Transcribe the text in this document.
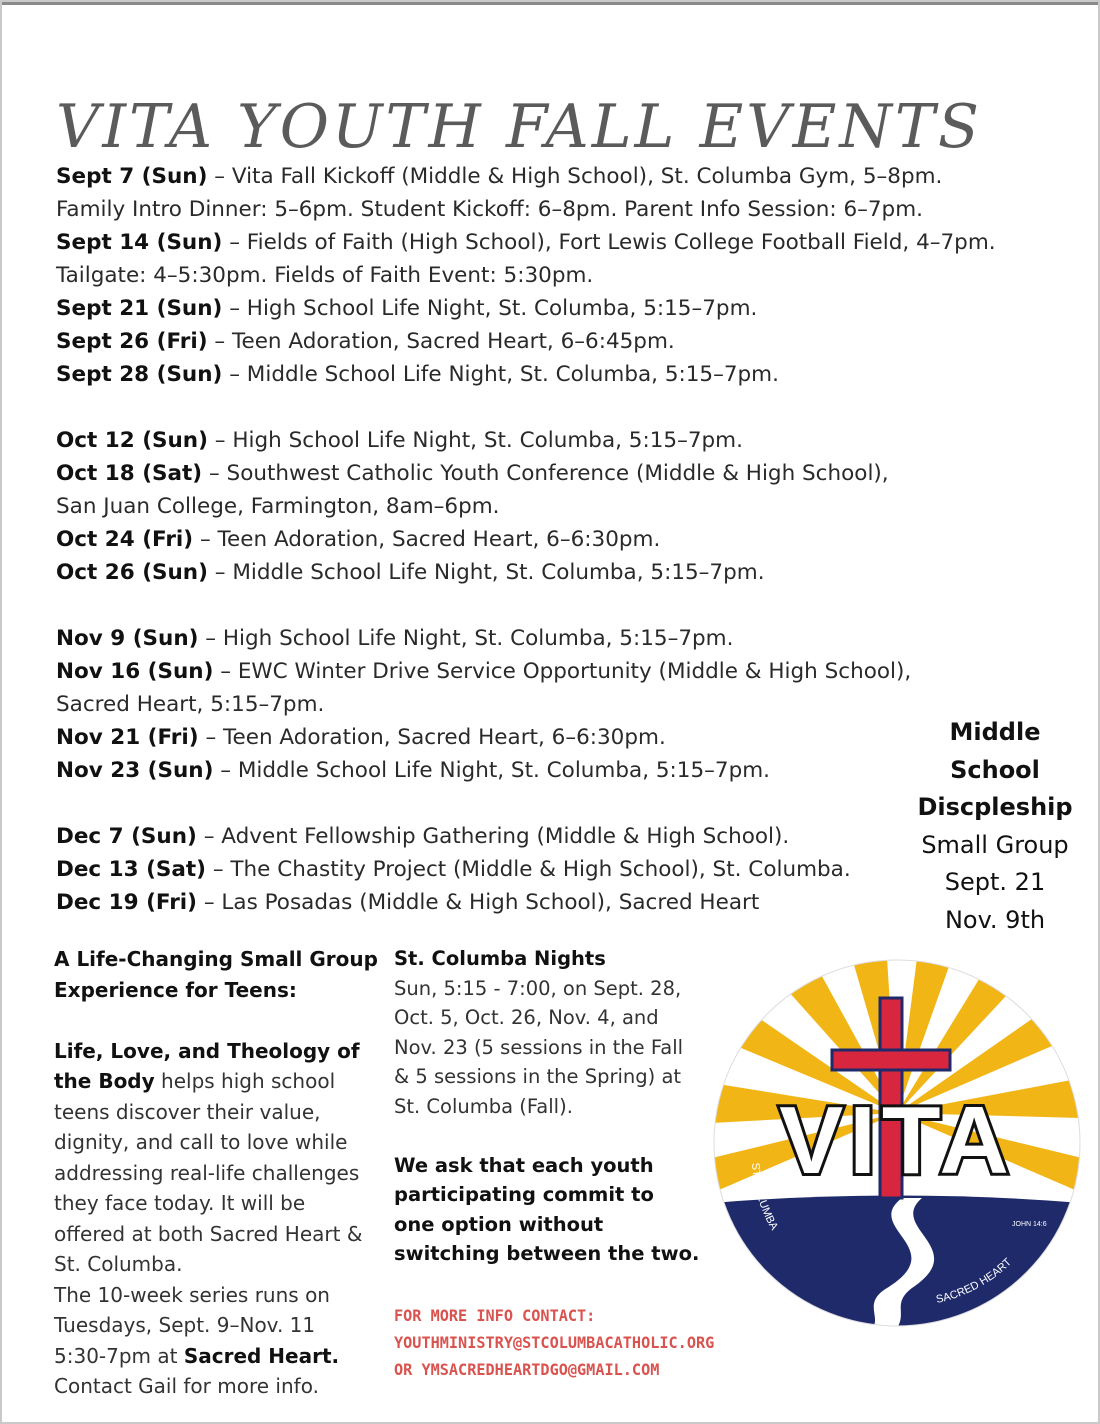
VITA YOUTH FALL EVENTS
Sept 7 (Sun) – Vita Fall Kickoff (Middle & High School), St. Columba Gym, 5–8pm.
Family Intro Dinner: 5–6pm. Student Kickoff: 6–8pm. Parent Info Session: 6–7pm.
Sept 14 (Sun) – Fields of Faith (High School), Fort Lewis College Football Field, 4–7pm.
Tailgate: 4–5:30pm. Fields of Faith Event: 5:30pm.
Sept 21 (Sun) – High School Life Night, St. Columba, 5:15–7pm.
Sept 26 (Fri) – Teen Adoration, Sacred Heart, 6–6:45pm.
Sept 28 (Sun) – Middle School Life Night, St. Columba, 5:15–7pm.
Oct 12 (Sun) – High School Life Night, St. Columba, 5:15–7pm.
Oct 18 (Sat) – Southwest Catholic Youth Conference (Middle & High School),
San Juan College, Farmington, 8am–6pm.
Oct 24 (Fri) – Teen Adoration, Sacred Heart, 6–6:30pm.
Oct 26 (Sun) – Middle School Life Night, St. Columba, 5:15–7pm.
Nov 9 (Sun) – High School Life Night, St. Columba, 5:15–7pm.
Nov 16 (Sun) – EWC Winter Drive Service Opportunity (Middle & High School),
Sacred Heart, 5:15–7pm.
Nov 21 (Fri) – Teen Adoration, Sacred Heart, 6–6:30pm.
Nov 23 (Sun) – Middle School Life Night, St. Columba, 5:15–7pm.
Dec 7 (Sun) – Advent Fellowship Gathering (Middle & High School).
Dec 13 (Sat) – The Chastity Project (Middle & High School), St. Columba.
Dec 19 (Fri) – Las Posadas (Middle & High School), Sacred Heart
Middle
School
Discpleship
Small Group
Sept. 21
Nov. 9th
A Life-Changing Small Group
Experience for Teens:
Life, Love, and Theology of
the Body helps high school
teens discover their value,
dignity, and call to love while
addressing real-life challenges
they face today. It will be
offered at both Sacred Heart &
St. Columba.
The 10-week series runs on
Tuesdays, Sept. 9–Nov. 11
5:30-7pm at Sacred Heart.
Contact Gail for more info.
St. Columba Nights
Sun, 5:15 - 7:00, on Sept. 28,
Oct. 5, Oct. 26, Nov. 4, and
Nov. 23 (5 sessions in the Fall
& 5 sessions in the Spring) at
St. Columba (Fall).
We ask that each youth
participating commit to
one option without
switching between the two.
FOR MORE INFO CONTACT:
YOUTHMINISTRY@STCOLUMBACATHOLIC.ORG
OR YMSACREDHEARTDGO@GMAIL.COM
VITA
ST COLUMBA
SACRED HEART
JOHN 14:6
